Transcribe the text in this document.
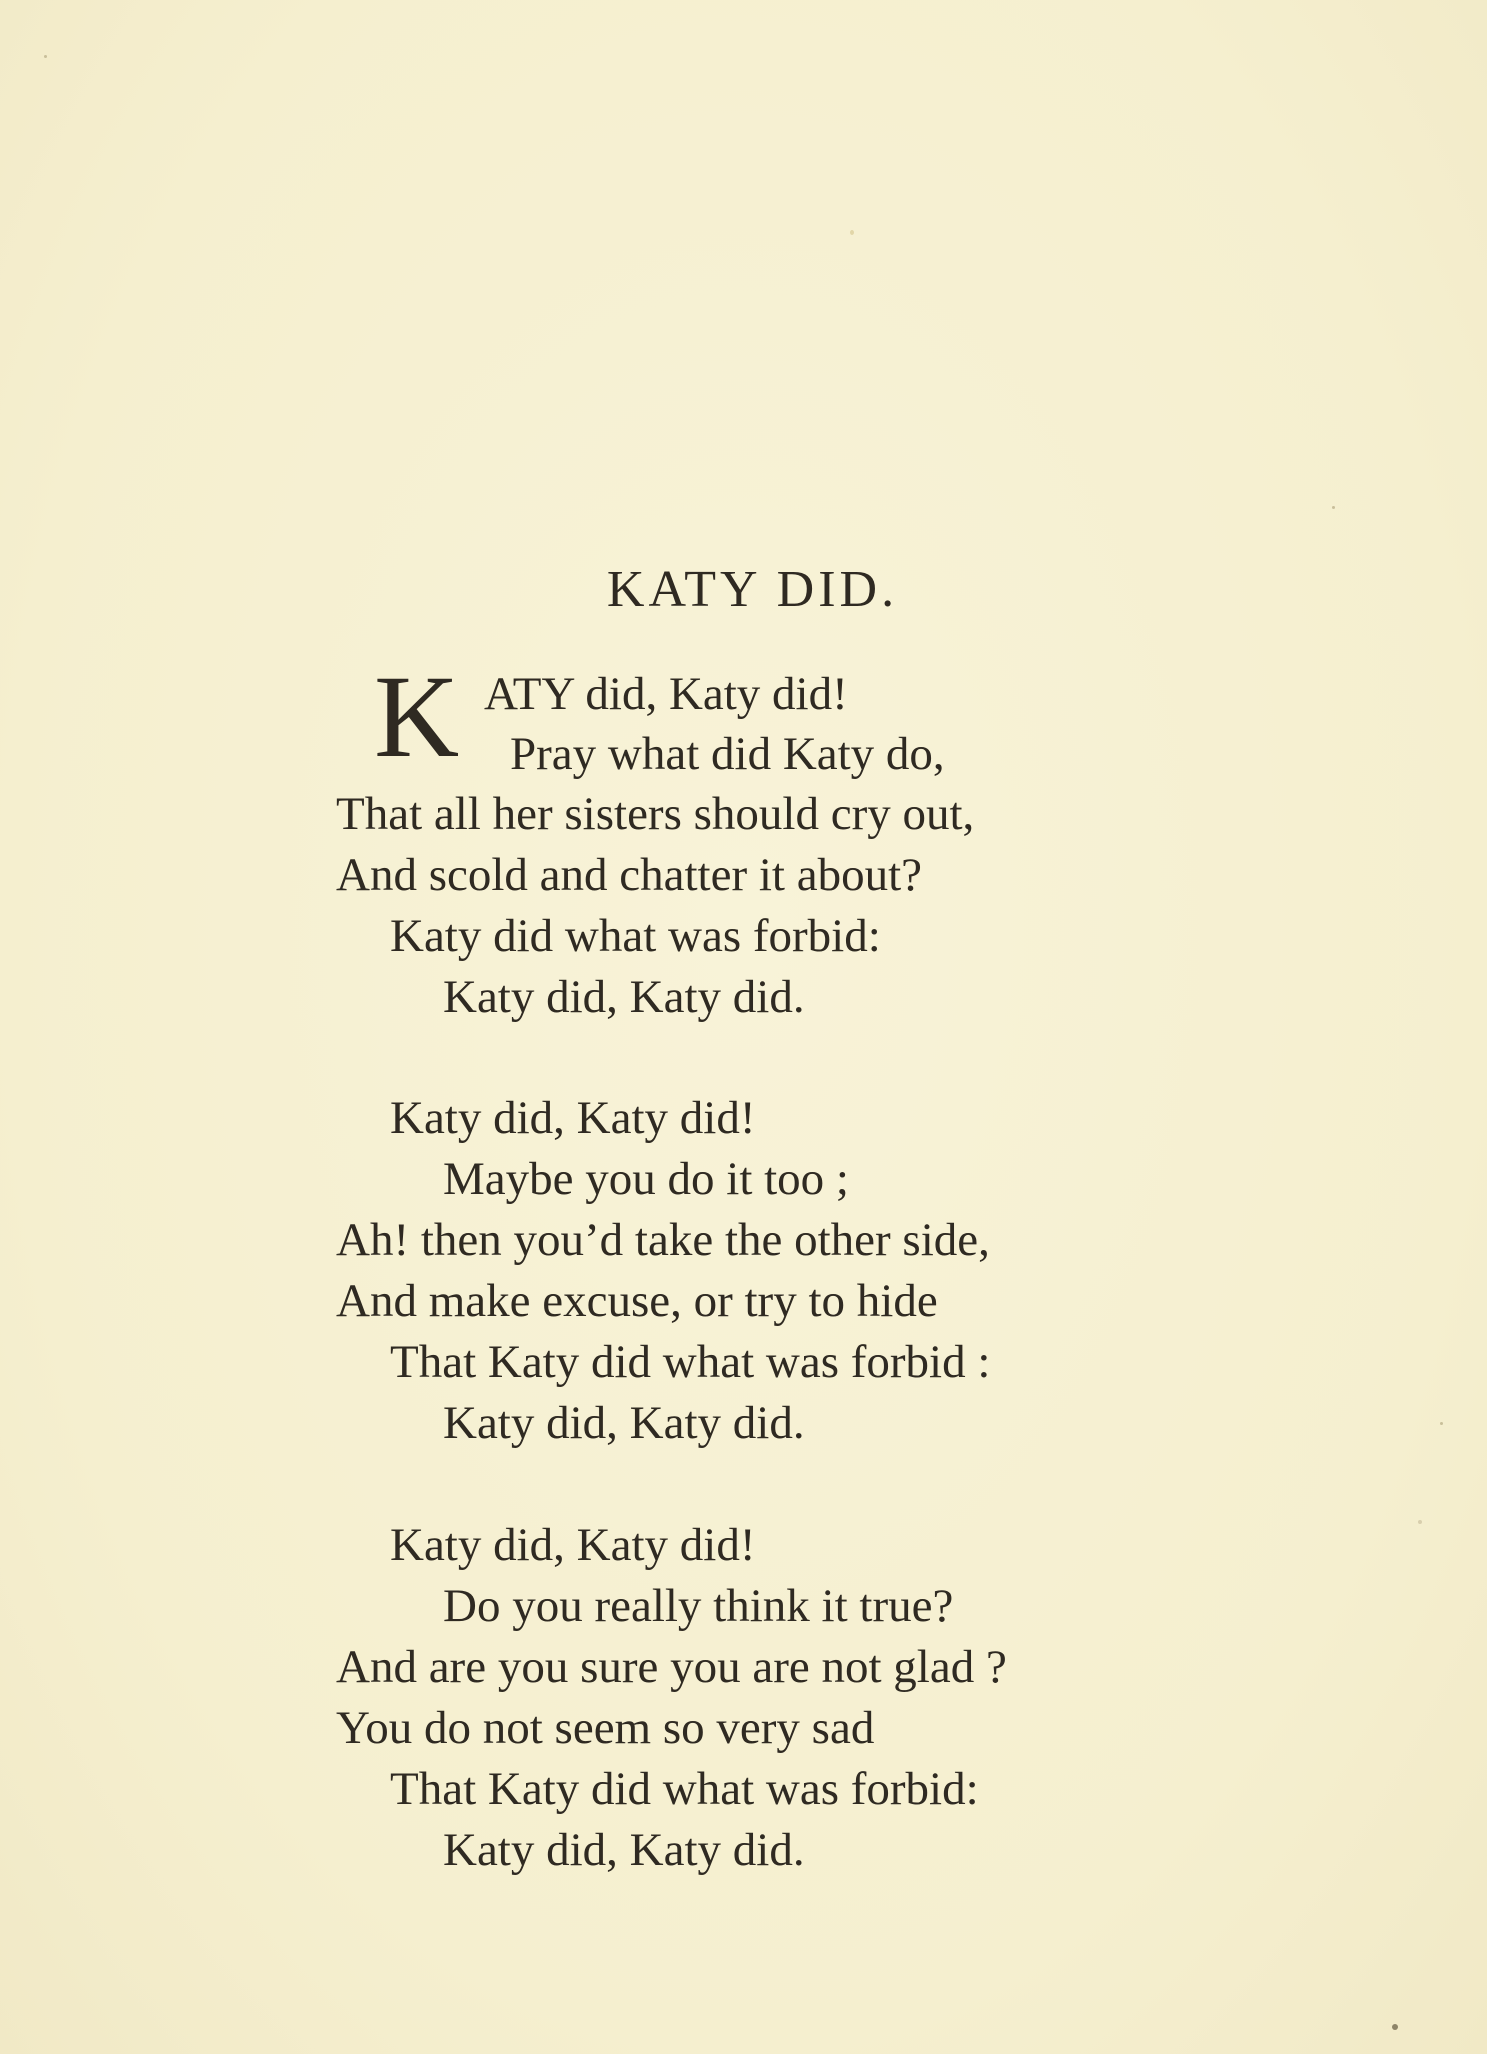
KATY DID.
K ATY did, Katy did!
Pray what did Katy do,
That all her sisters should cry out,
And scold and chatter it about?
Katy did what was forbid:
Katy did, Katy did.
Katy did, Katy did!
Maybe you do it too ;
Ah! then you’d take the other side,
And make excuse, or try to hide
That Katy did what was forbid :
Katy did, Katy did.
Katy did, Katy did!
Do you really think it true?
And are you sure you are not glad ?
You do not seem so very sad
That Katy did what was forbid:
Katy did, Katy did.
